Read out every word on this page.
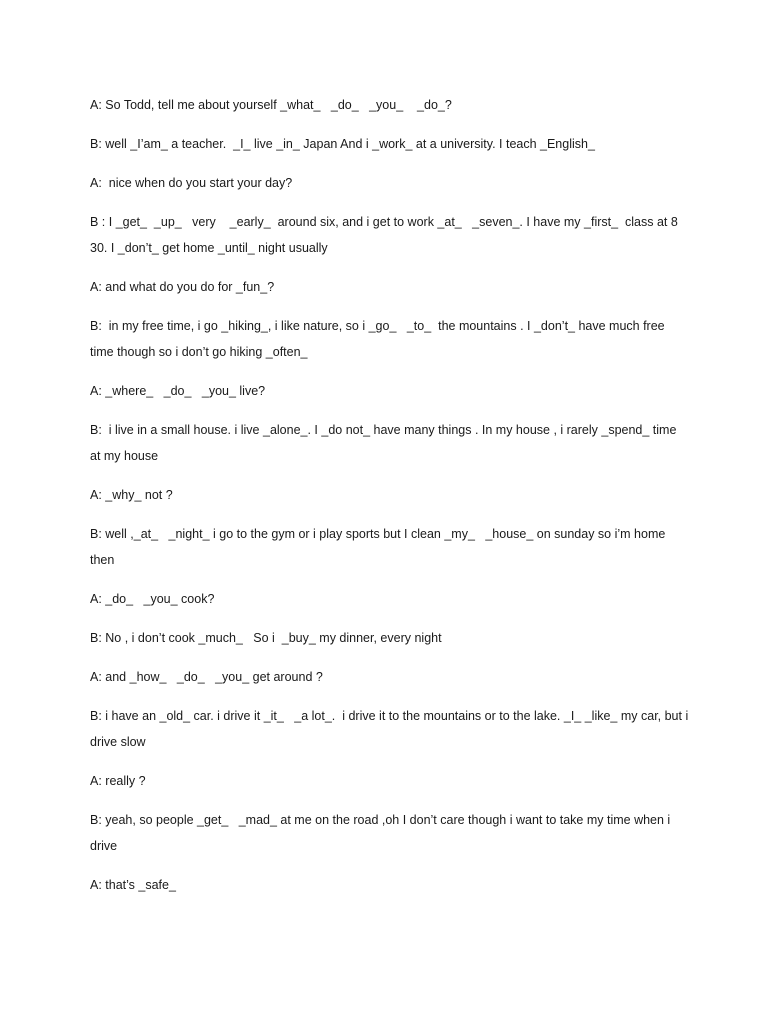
A: So Todd, tell me about yourself _what_   _do_   _you_    _do_?

B: well _I’am_ a teacher.  _I_ live _in_ Japan And i _work_ at a university. I teach _English_

A:  nice when do you start your day?

B : I _get_  _up_   very    _early_  around six, and i get to work _at_   _seven_. I have my _first_  class at 8 30. I _don’t_ get home _until_ night usually

A: and what do you do for _fun_?

B:  in my free time, i go _hiking_, i like nature, so i _go_   _to_  the mountains . I _don’t_ have much free time though so i don’t go hiking _often_

A: _where_   _do_   _you_ live?

B:  i live in a small house. i live _alone_. I _do not_ have many things . In my house , i rarely _spend_ time at my house

A: _why_ not ?

B: well ,_at_   _night_ i go to the gym or i play sports but I clean _my_   _house_ on sunday so i’m home then

A: _do_   _you_ cook?

B: No , i don’t cook _much_   So i  _buy_ my dinner, every night

A: and _how_   _do_   _you_ get around ?

B: i have an _old_ car. i drive it _it_   _a lot_.  i drive it to the mountains or to the lake. _I_ _like_ my car, but i drive slow

A: really ?

B: yeah, so people _get_   _mad_ at me on the road ,oh I don’t care though i want to take my time when i drive

A: that’s _safe_
